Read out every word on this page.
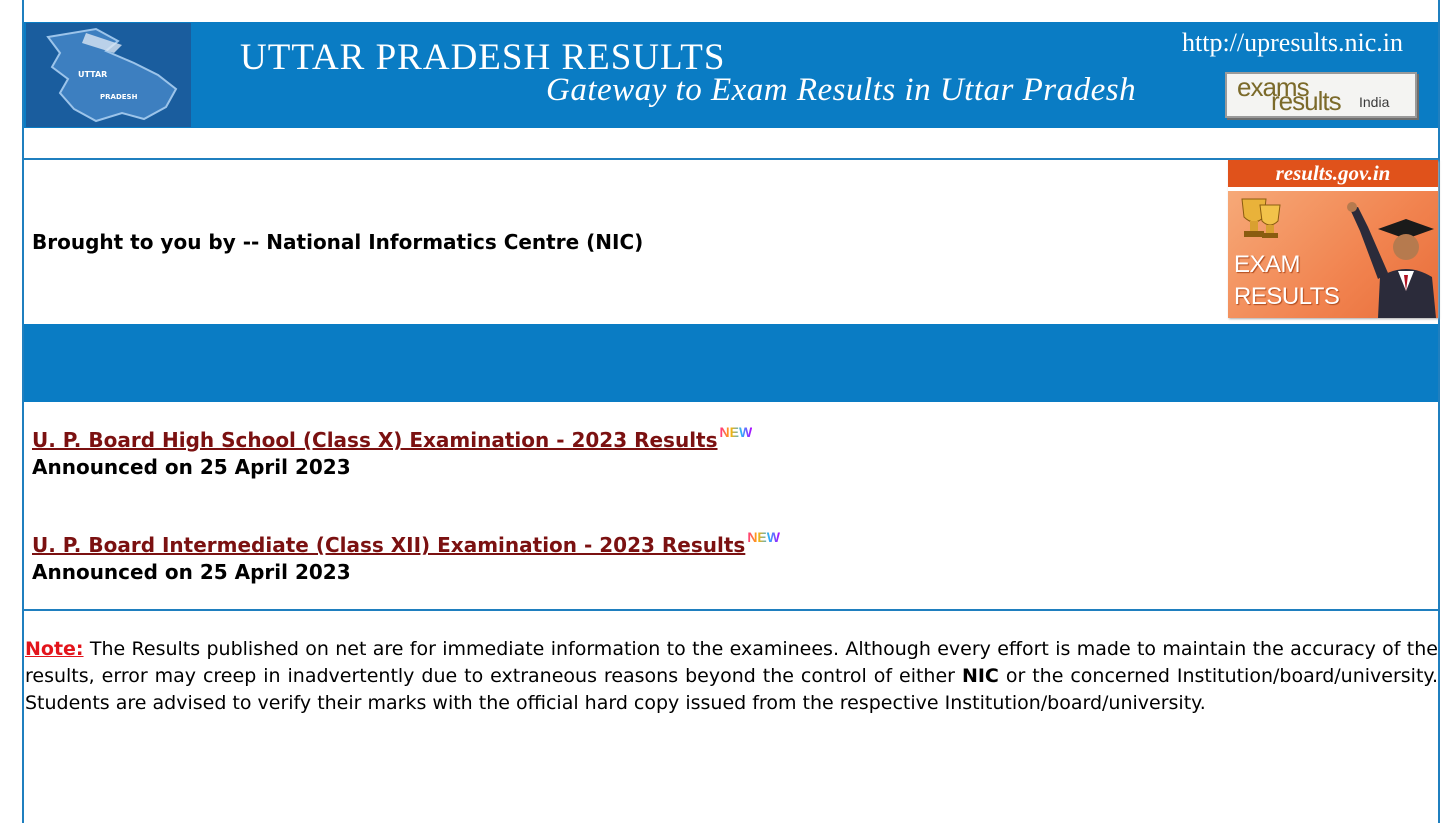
UTTAR
PRADESH
UTTAR PRADESH RESULTS
Gateway to Exam Results in Uttar Pradesh
http://upresults.nic.in
exams
results India
Brought to you by -- National Informatics Centre (NIC)
results.gov.in
EXAM
RESULTS
U. P. Board High School (Class X) Examination - 2023 Results NEW
Announced on 25 April 2023
U. P. Board Intermediate (Class XII) Examination - 2023 Results NEW
Announced on 25 April 2023
Note: The Results published on net are for immediate information to the examinees. Although every effort is made to maintain the accuracy of the results, error may creep in inadvertently due to extraneous reasons beyond the control of either NIC or the concerned Institution/board/university. Students are advised to verify their marks with the official hard copy issued from the respective Institution/board/university.
